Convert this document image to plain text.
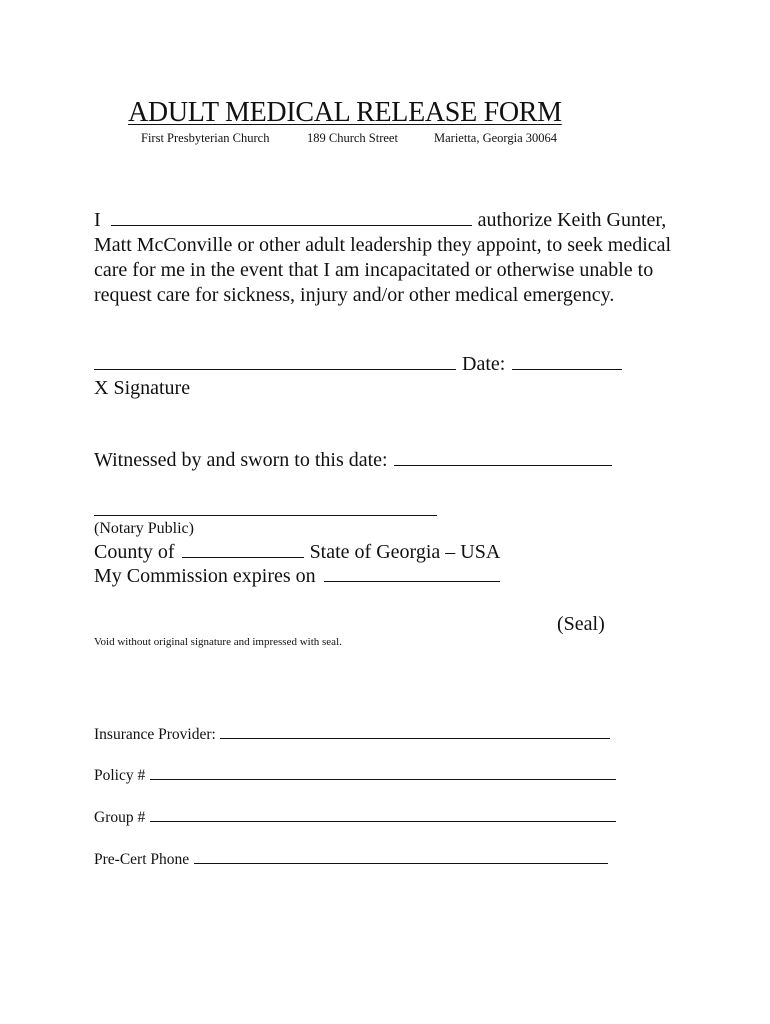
ADULT MEDICAL RELEASE FORM
First Presbyterian Church	189 Church Street	Marietta, Georgia 30064
I	authorize Keith Gunter,
Matt McConville or other adult leadership they appoint, to seek medical
care for me in the event that I am incapacitated or otherwise unable to
request care for sickness, injury and/or other medical emergency.
Date:
X Signature
Witnessed by and sworn to this date:
(Notary Public)
County of	State of Georgia – USA
My Commission expires on
(Seal)
Void without original signature and impressed with seal.
Insurance Provider:
Policy #
Group #
Pre-Cert Phone
